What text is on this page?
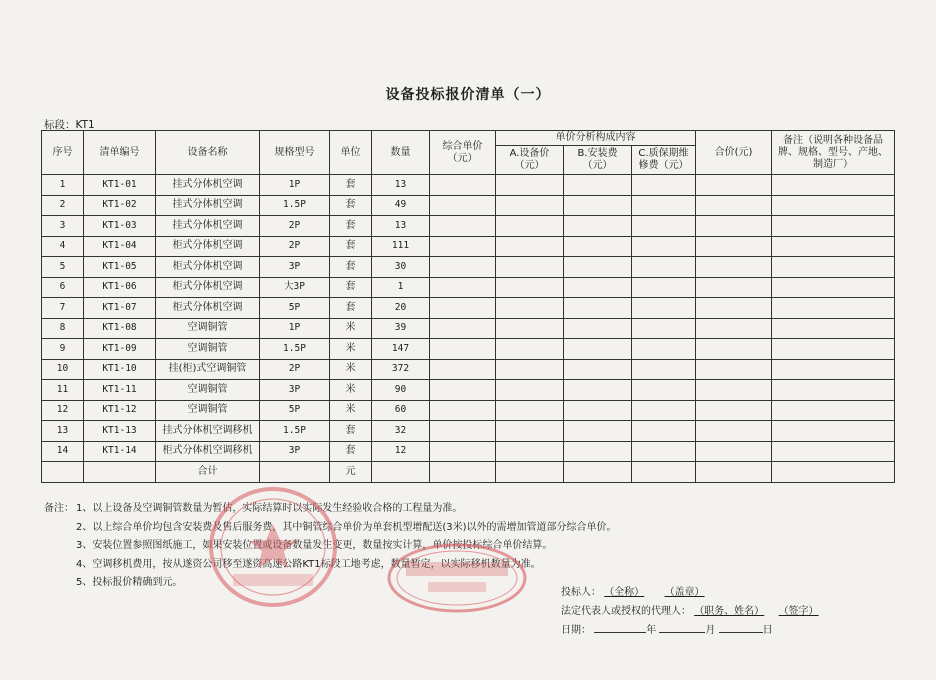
设备投标报价清单（一）
标段：KT1
序号	清单编号	设备名称	规格型号	单位	数量	综合单价（元）	单价分析构成内容			合价(元)	备注（说明各种设备品牌、规格、型号、产地、制造厂）
							A.设备价（元）	B.安装费（元）	C.质保期维修费（元）		
1	KT1-01	挂式分体机空调	1P	套	13						
2	KT1-02	挂式分体机空调	1.5P	套	49						
3	KT1-03	挂式分体机空调	2P	套	13						
4	KT1-04	柜式分体机空调	2P	套	111						
5	KT1-05	柜式分体机空调	3P	套	30						
6	KT1-06	柜式分体机空调	大3P	套	1						
7	KT1-07	柜式分体机空调	5P	套	20						
8	KT1-08	空调铜管	1P	米	39						
9	KT1-09	空调铜管	1.5P	米	147						
10	KT1-10	挂(柜)式空调铜管	2P	米	372						
11	KT1-11	空调铜管	3P	米	90						
12	KT1-12	空调铜管	5P	米	60						
13	KT1-13	挂式分体机空调移机	1.5P	套	32						
14	KT1-14	柜式分体机空调移机	3P	套	12						
		合计		元							
备注： 1、以上设备及空调铜管数量为暂估，实际结算时以实际发生经验收合格的工程量为准。
2、以上综合单价均包含安装费及售后服务费，其中铜管综合单价为单套机型增配送(3米)以外的需增加管道部分综合单价。
3、安装位置参照图纸施工，如果安装位置或设备数量发生变更，数量按实计算，单价按投标综合单价结算。
4、空调移机费用，按从遂资公司移至遂资高速公路KT1标段工地考虑，数量暂定，以实际移机数量为准。
5、投标报价精确到元。
投标人： （全称） （盖章）
法定代表人或授权的代理人： （职务、姓名） （签字）
日期：	年	月	日
